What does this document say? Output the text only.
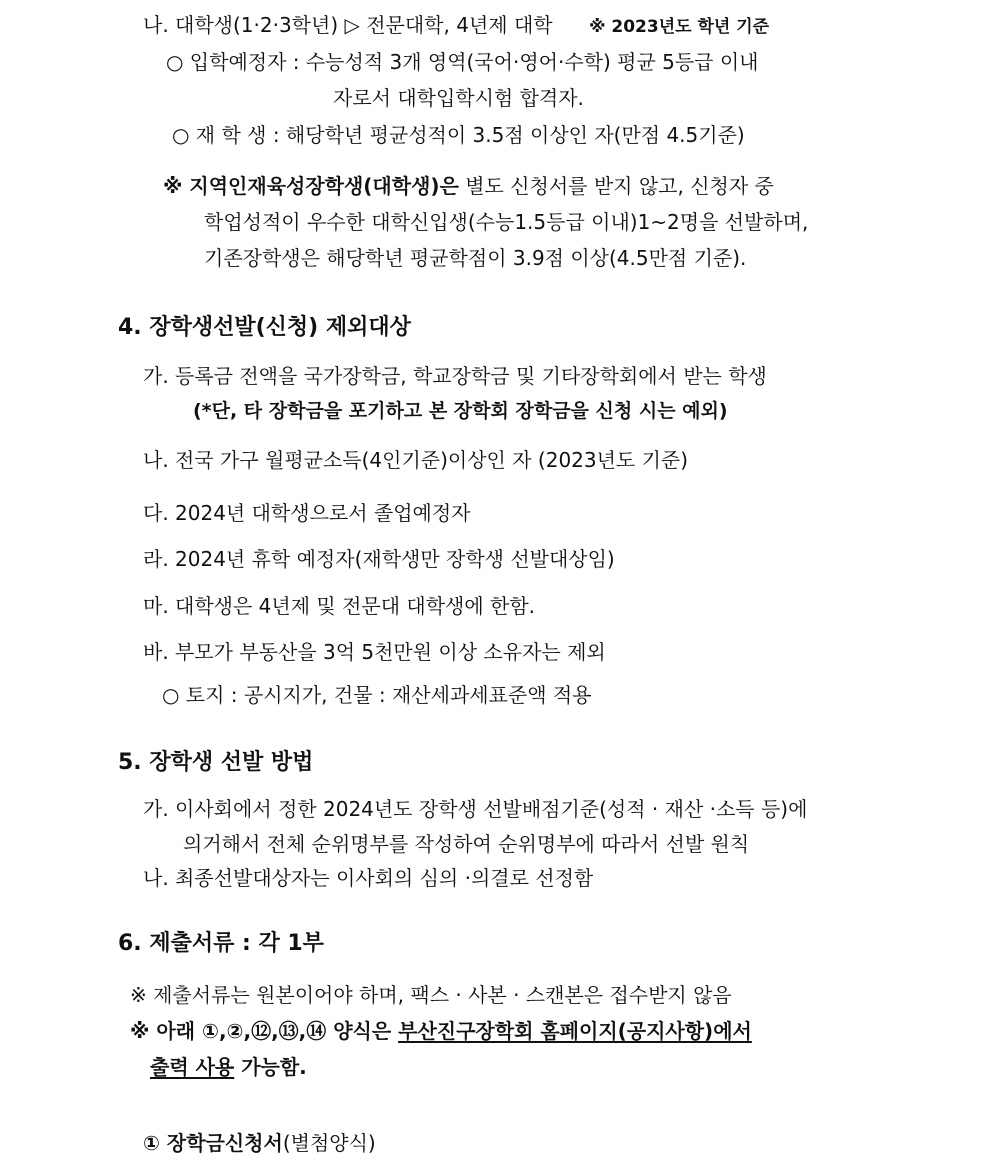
나. 대학생(1·2·3학년) ▷ 전문대학, 4년제 대학 ※ 2023년도 학년 기준
○ 입학예정자 : 수능성적 3개 영역(국어·영어·수학) 평균 5등급 이내
자로서 대학입학시험 합격자.
○ 재 학 생 : 해당학년 평균성적이 3.5점 이상인 자(만점 4.5기준)
※ 지역인재육성장학생(대학생)은 별도 신청서를 받지 않고, 신청자 중
학업성적이 우수한 대학신입생(수능1.5등급 이내)1~2명을 선발하며,
기존장학생은 해당학년 평균학점이 3.9점 이상(4.5만점 기준).
4. 장학생선발(신청) 제외대상
가. 등록금 전액을 국가장학금, 학교장학금 및 기타장학회에서 받는 학생
(*단, 타 장학금을 포기하고 본 장학회 장학금을 신청 시는 예외)
나. 전국 가구 월평균소득(4인기준)이상인 자 (2023년도 기준)
다. 2024년 대학생으로서 졸업예정자
라. 2024년 휴학 예정자(재학생만 장학생 선발대상임)
마. 대학생은 4년제 및 전문대 대학생에 한함.
바. 부모가 부동산을 3억 5천만원 이상 소유자는 제외
○ 토지 : 공시지가, 건물 : 재산세과세표준액 적용
5. 장학생 선발 방법
가. 이사회에서 정한 2024년도 장학생 선발배점기준(성적 · 재산 ·소득 등)에
의거해서 전체 순위명부를 작성하여 순위명부에 따라서 선발 원칙
나. 최종선발대상자는 이사회의 심의 ·의결로 선정함
6. 제출서류 : 각 1부
※ 제출서류는 원본이어야 하며, 팩스 · 사본 · 스캔본은 접수받지 않음
※ 아래 ①,②,⑫,⑬,⑭ 양식은 부산진구장학회 홈페이지(공지사항)에서
출력 사용 가능함.
① 장학금신청서(별첨양식)
